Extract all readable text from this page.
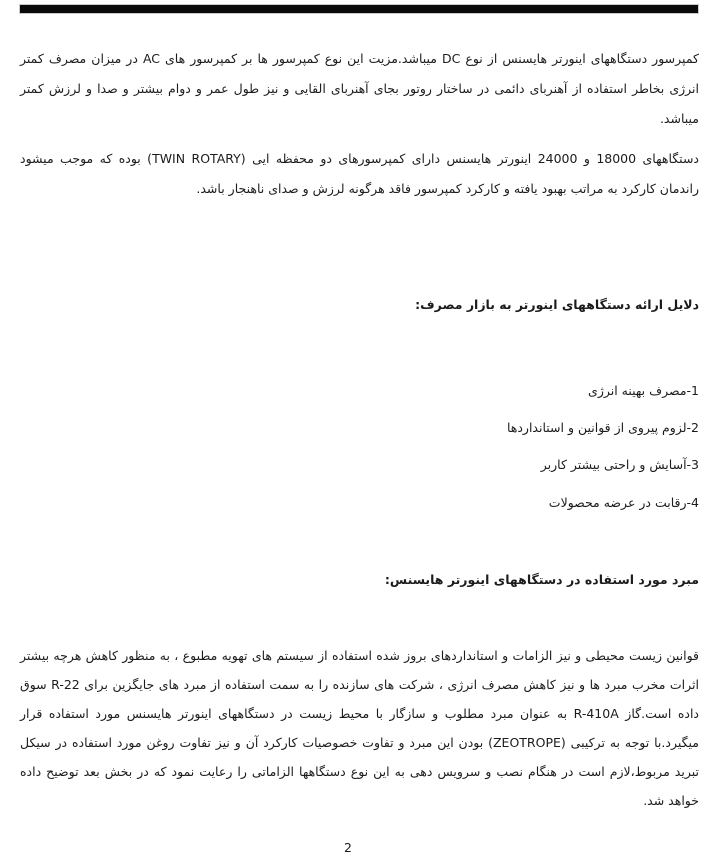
کمپرسور دستگاههای اینورتر هایسنس از نوع DC میباشد.مزیت این نوع کمپرسور ها بر کمپرسور های AC در میزان مصرف کمتر انرژی بخاطر استفاده از آهنربای دائمی در ساختار روتور بجای آهنربای القایی و نیز طول عمر و دوام بیشتر و صدا و لرزش کمتر میباشد.
دستگاههای 18000 و 24000 اینورتر هایسنس دارای کمپرسورهای دو محفظه ایی (TWIN ROTARY) بوده که موجب میشود راندمان کارکرد به مراتب بهبود یافته و کارکرد کمپرسور فاقد هرگونه لرزش و صدای ناهنجار باشد.
دلایل ارائه دستگاههای اینورتر به بازار مصرف:
1-مصرف بهینه انرژی
2-لزوم پیروی از قوانین و استانداردها
3-آسایش و راحتی بیشتر کاربر
4-رقابت در عرضه محصولات
مبرد مورد استفاده در دستگاههای اینورتر هایسنس:
قوانین زیست محیطی و نیز الزامات و استانداردهای بروز شده استفاده از سیستم های تهویه مطبوع ، به منظور کاهش هرچه بیشتر اثرات مخرب مبرد ها و نیز کاهش مصرف انرژی ، شرکت های سازنده را به سمت استفاده از مبرد های جایگزین برای R-22 سوق داده است.گاز R-410A به عنوان مبرد مطلوب و سازگار با محیط زیست در دستگاههای اینورتر هایسنس مورد استفاده قرار میگیرد.با توجه به ترکیبی (ZEOTROPE) بودن این مبرد و تفاوت خصوصیات کارکرد آن و نیز تفاوت روغن مورد استفاده در سیکل تبرید مربوط،لازم است در هنگام نصب و سرویس دهی به این نوع دستگاهها الزاماتی را رعایت نمود که در بخش بعد توضیح داده خواهد شد.
2
